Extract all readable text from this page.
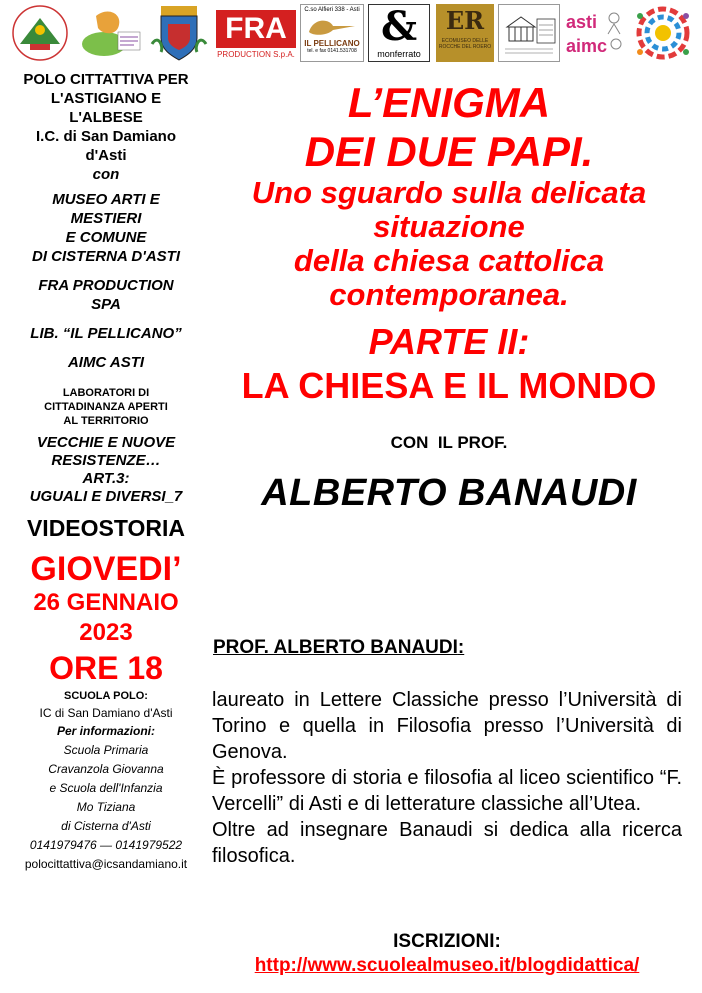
FRA
PRODUCTION S.p.A.
C.so Alfieri 338 - Asti
IL PELLICANO
tel. e fax 0141.531708
&
monferrato
ER
ECOMUSEO DELLE ROCCHE DEL ROERO
asti
aimc

POLO CITTATTIVA PER

L'ASTIGIANO E

L'ALBESE

I.C. di San Damiano

d'Asti

con

MUSEO ARTI E

MESTIERI

E COMUNE

DI CISTERNA D'ASTI

FRA PRODUCTION

SPA

LIB. “IL PELLICANO”

AIMC ASTI

LABORATORI DI

CITTADINANZA APERTI

AL TERRITORIO

VECCHIE E NUOVE

RESISTENZE…

ART.3:

UGUALI E DIVERSI_7

VIDEOSTORIA

GIOVEDI’

26 GENNAIO

2023

ORE 18

SCUOLA POLO:

IC di San Damiano d'Asti

Per informazioni:

Scuola Primaria

Cravanzola Giovanna

e Scuola dell'Infanzia

Mo Tiziana

di Cisterna d'Asti

0141979476 — 0141979522

polocittattiva@icsandamiano.it

L’ENIGMA

DEI DUE PAPI.

Uno sguardo sulla delicata

situazione

della chiesa cattolica

contemporanea.

PARTE II:

LA CHIESA E IL MONDO

CON  IL PROF.

ALBERTO BANAUDI

PROF. ALBERTO BANAUDI:

laureato in Lettere Classiche presso l’Università di Torino e quella in Filosofia presso l’Università di Genova.

È professore di storia e filosofia al liceo scientifico “F. Vercelli” di Asti e di letterature classiche all’Utea.

Oltre ad insegnare Banaudi si dedica alla ricerca filosofica.

ISCRIZIONI:
http://www.scuolealmuseo.it/blogdidattica/
